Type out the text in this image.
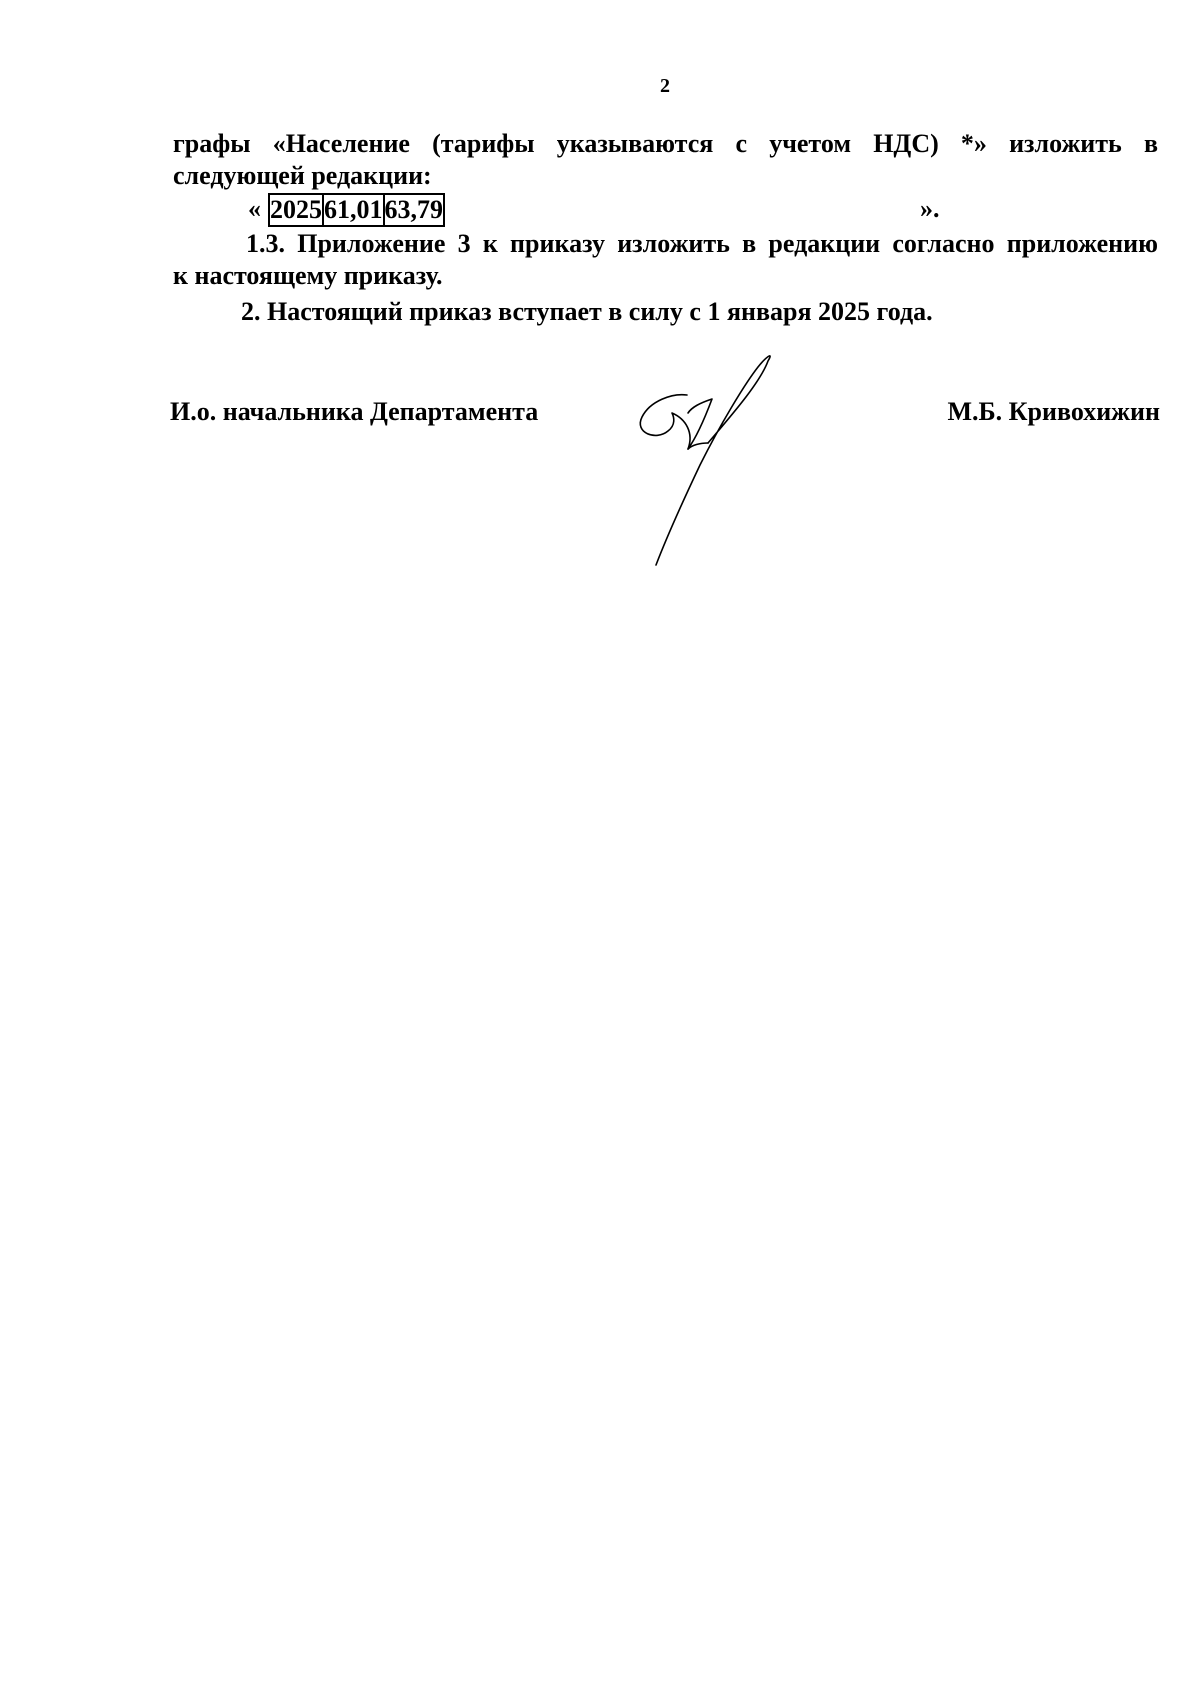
2
графы «Население (тарифы указываются с учетом НДС) *» изложить в
следующей редакции:
« 2025	61,01	63,79	».
1.3. Приложение 3 к приказу изложить в редакции согласно приложению
к настоящему приказу.
2. Настоящий приказ вступает в силу с 1 января 2025 года.
И.о. начальника Департамента	М.Б. Кривохижин
